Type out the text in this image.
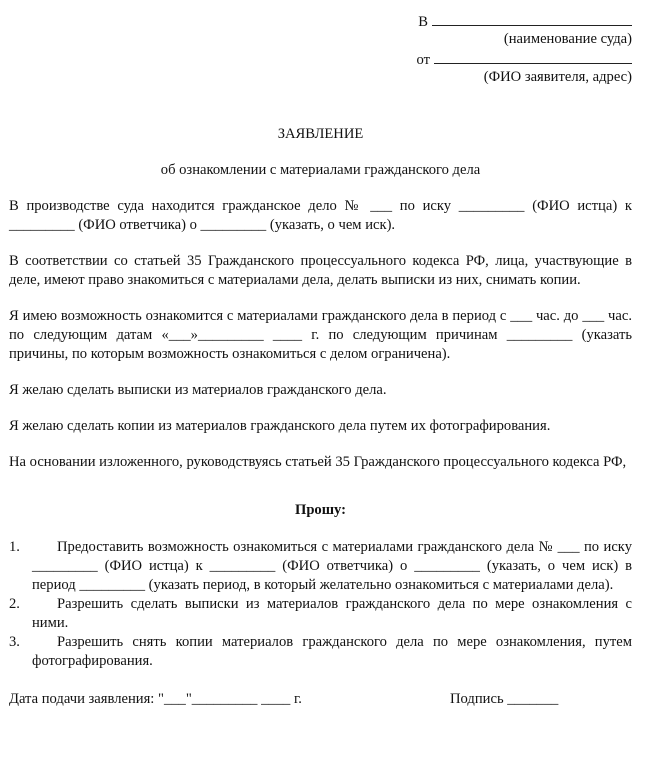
В
(наименование суда)
от
(ФИО заявителя, адрес)
ЗАЯВЛЕНИЕ
об ознакомлении с материалами гражданского дела

В производстве суда находится гражданское дело № ___ по иску _________ (ФИО истца) к _________ (ФИО ответчика) о _________ (указать, о чем иск).

В соответствии со статьей 35 Гражданского процессуального кодекса РФ, лица, участвующие в деле, имеют право знакомиться с материалами дела, делать выписки из них, снимать копии.

Я имею возможность ознакомится с материалами гражданского дела в период с ___ час. до ___ час. по следующим датам «___»_________ ____ г. по следующим причинам _________ (указать причины, по которым возможность ознакомиться с делом ограничена).

Я желаю сделать выписки из материалов гражданского дела.

Я желаю сделать копии из материалов гражданского дела путем их фотографирования.

На основании изложенного, руководствуясь статьей 35 Гражданского процессуального кодекса РФ,

Прошу:
1.	Предоставить возможность ознакомиться с материалами гражданского дела № ___ по иску _________ (ФИО истца) к _________ (ФИО ответчика) о _________ (указать, о чем иск) в период _________ (указать период, в который желательно ознакомиться с материалами дела).
2.	Разрешить сделать выписки из материалов гражданского дела по мере ознакомления с ними.
3.	Разрешить снять копии материалов гражданского дела по мере ознакомления, путем фотографирования.
Дата подачи заявления: "___"_________ ____ г.	Подпись _______
